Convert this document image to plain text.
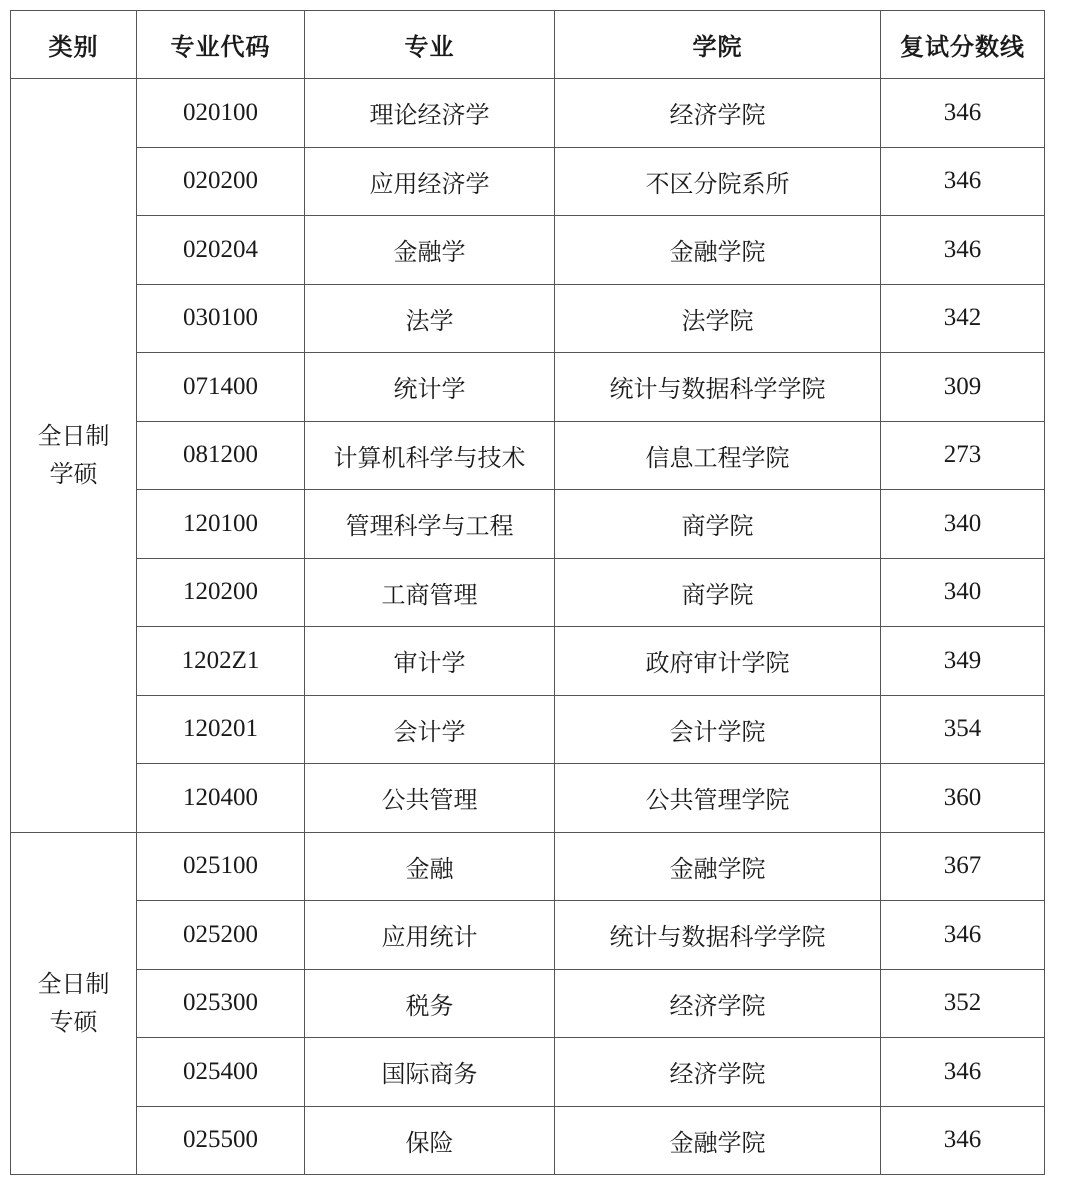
类别	专业代码	专业	学院	复试分数线

全日制
学硕	020100	理论经济学	经济学院	346
	020200	应用经济学	不区分院系所	346
	020204	金融学	金融学院	346
	030100	法学	法学院	342
	071400	统计学	统计与数据科学学院	309
	081200	计算机科学与技术	信息工程学院	273
	120100	管理科学与工程	商学院	340
	120200	工商管理	商学院	340
	1202Z1	审计学	政府审计学院	349
	120201	会计学	会计学院	354
	120400	公共管理	公共管理学院	360

全日制
专硕	025100	金融	金融学院	367
	025200	应用统计	统计与数据科学学院	346
	025300	税务	经济学院	352
	025400	国际商务	经济学院	346
	025500	保险	金融学院	346
